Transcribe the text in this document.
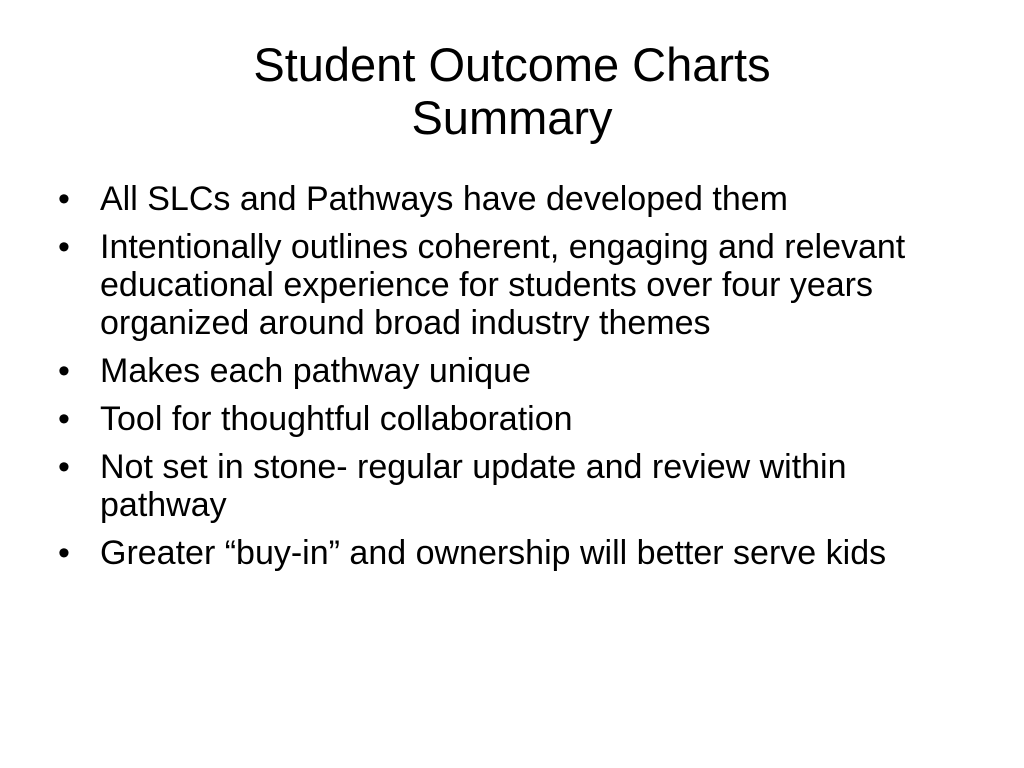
Student Outcome Charts
Summary
• All SLCs and Pathways have developed them
• Intentionally outlines coherent, engaging and relevant educational experience for students over four years organized around broad industry themes
• Makes each pathway unique
• Tool for thoughtful collaboration
• Not set in stone- regular update and review within pathway
• Greater “buy-in” and ownership will better serve kids
